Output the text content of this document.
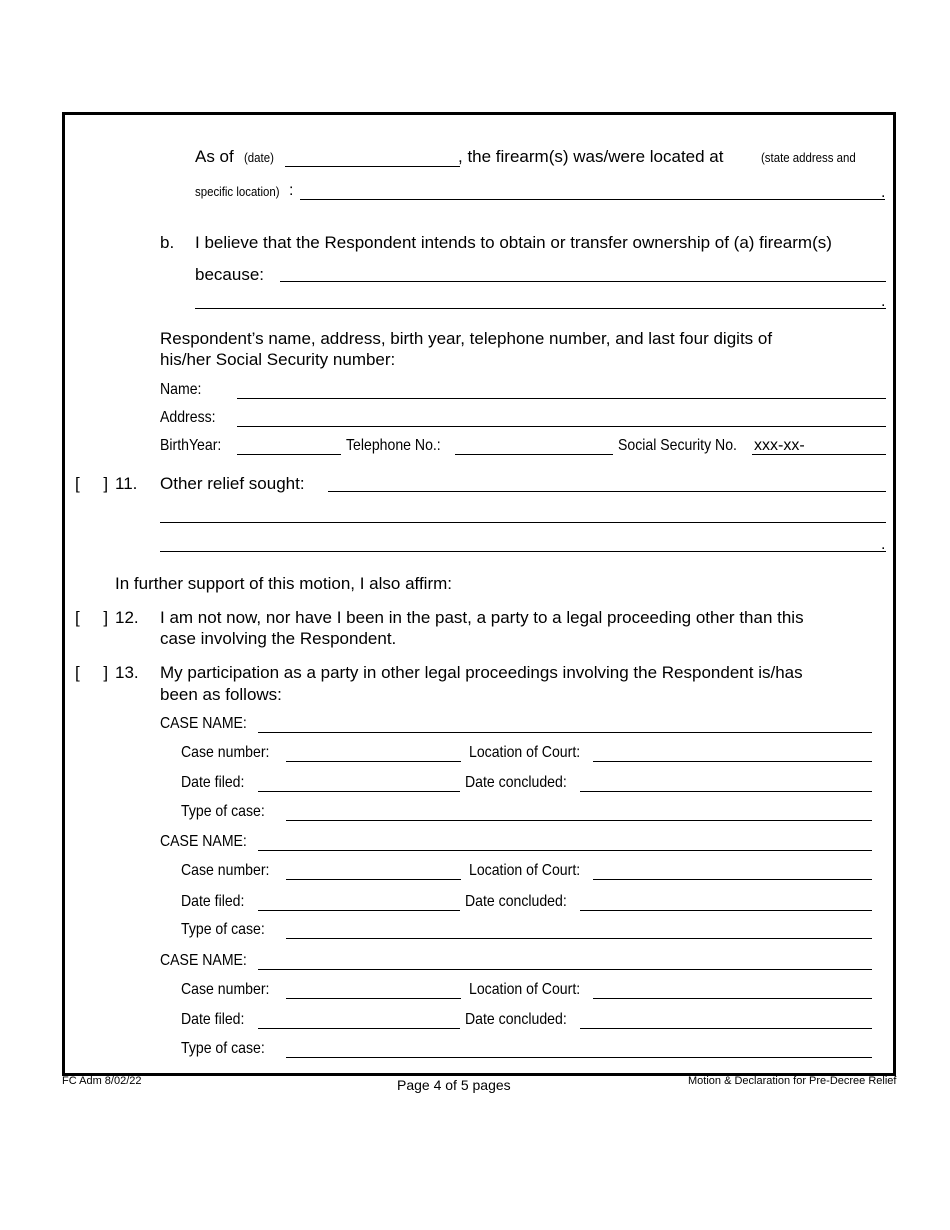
As of (date)	, the firearm(s) was/were located at	(state address and
specific location) :	.
b. I believe that the Respondent intends to obtain or transfer ownership of (a) firearm(s)
because:
.
Respondent’s name, address, birth year, telephone number, and last four digits of
his/her Social Security number:
Name:
Address:
BirthYear:	Telephone No.:	Social Security No.	xxx-xx-
[     ] 11. Other relief sought:
.
In further support of this motion, I also affirm:
[     ] 12. I am not now, nor have I been in the past, a party to a legal proceeding other than this
case involving the Respondent.
[     ] 13. My participation as a party in other legal proceedings involving the Respondent is/has
been as follows:
CASE NAME:
Case number:	Location of Court:
Date filed:	Date concluded:
Type of case:
CASE NAME:
Case number:	Location of Court:
Date filed:	Date concluded:
Type of case:
CASE NAME:
Case number:	Location of Court:
Date filed:	Date concluded:
Type of case:
FC Adm 8/02/22	Page 4 of 5 pages	Motion & Declaration for Pre-Decree Relief
